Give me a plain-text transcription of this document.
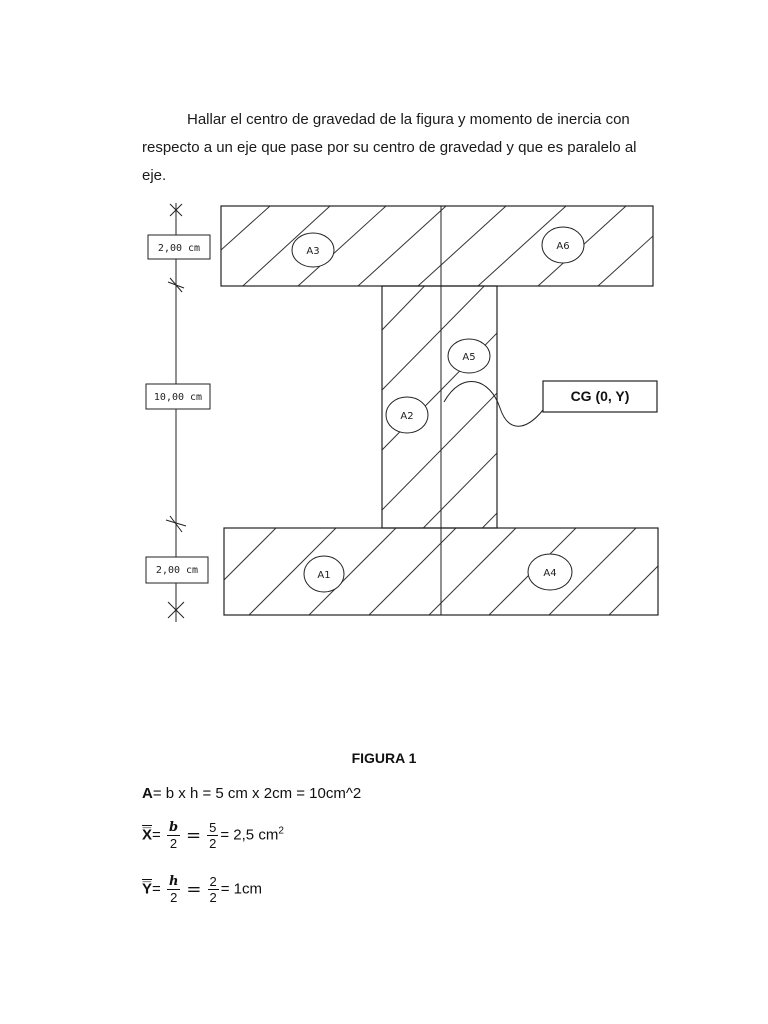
Hallar el centro de gravedad de la figura y momento de inercia con
respecto a un eje que pase por su centro de gravedad y que es paralelo al
eje.
2,00 cm
10,00 cm
2,00 cm
A3	A6
A5
A2
A1	A4
CG (0, Y)
FIGURA 1
A= b x h = 5 cm x 2cm = 10cm^2
X̅= $\frac{b}{2} = \frac{5}{2} = 2,5$ $cm^2$
Y̅= $\frac{h}{2} = \frac{2}{2} = 1cm$
